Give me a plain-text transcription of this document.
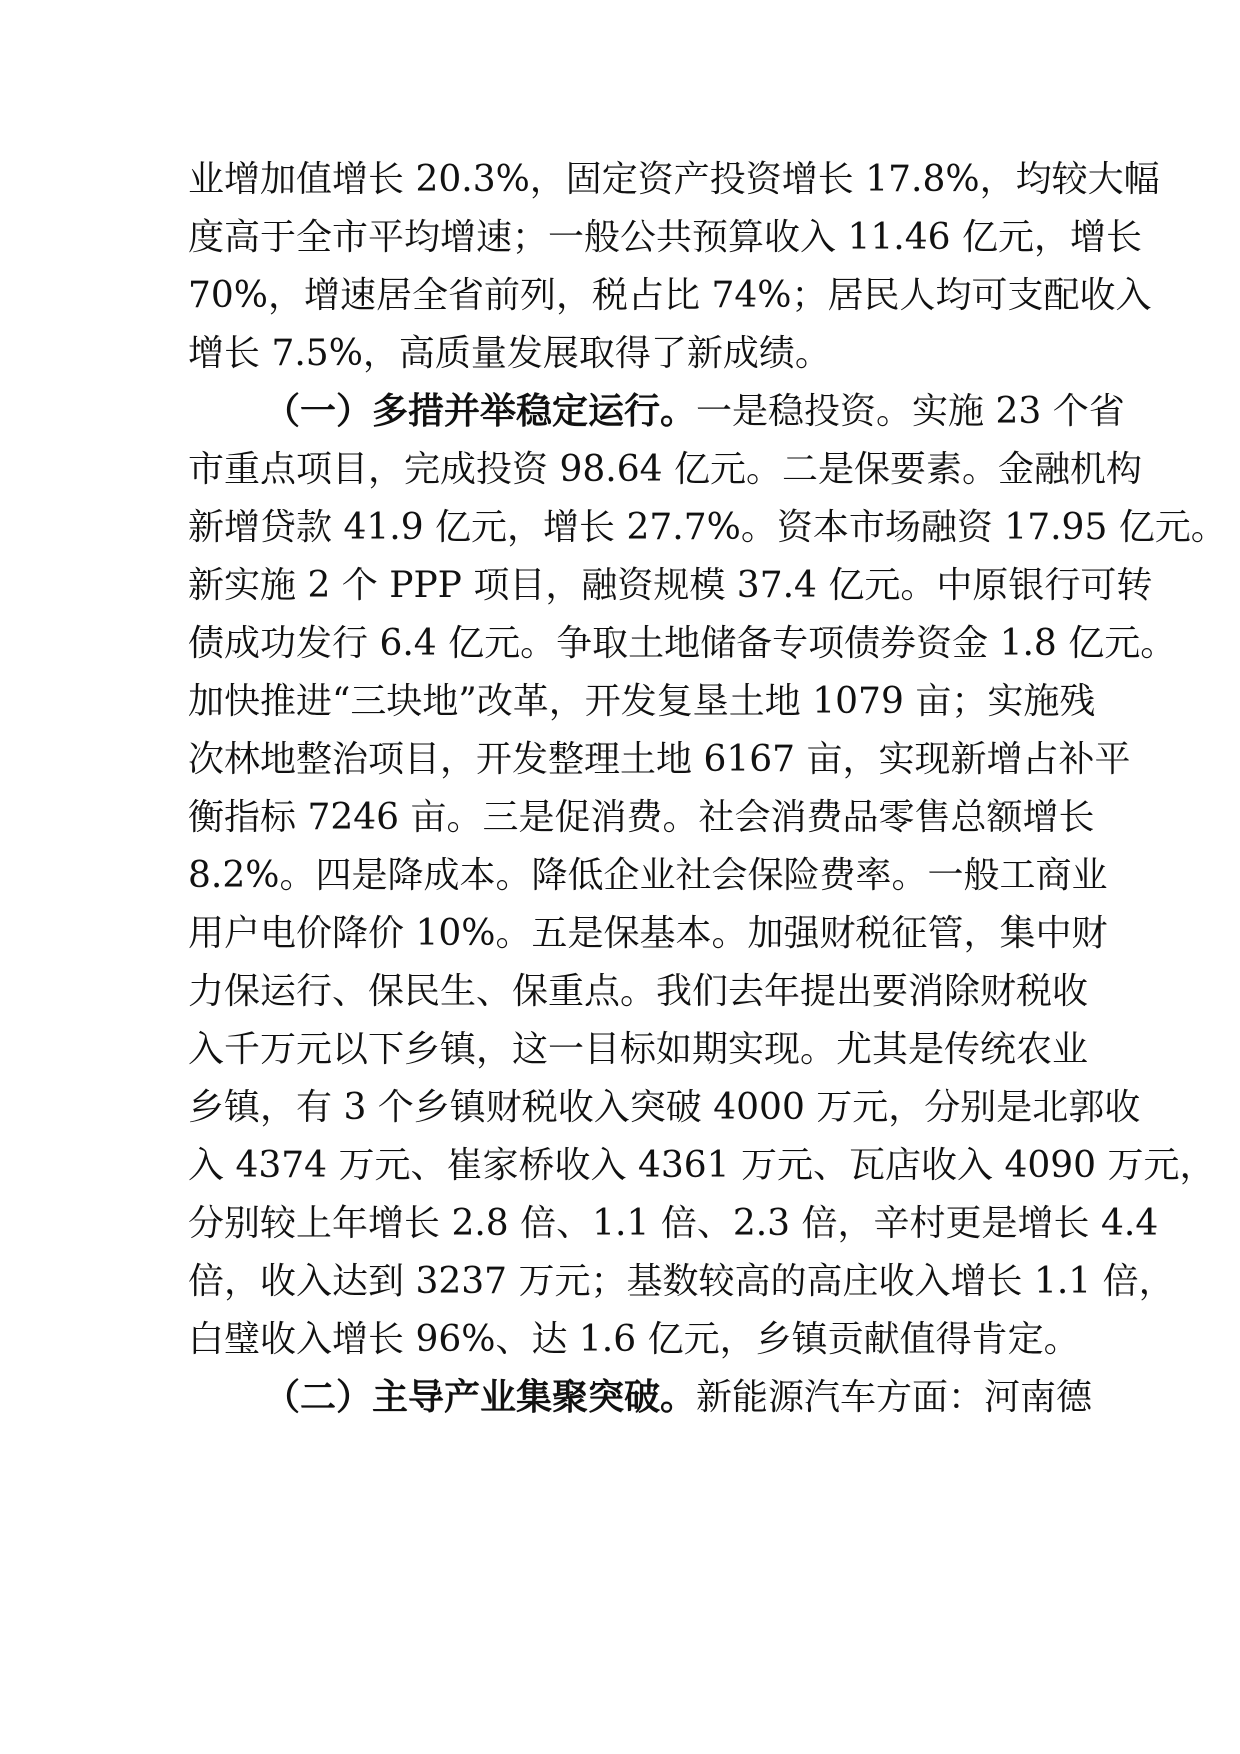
业增加值增长 20.3%，固定资产投资增长 17.8%，均较大幅
度高于全市平均增速；一般公共预算收入 11.46 亿元，增长
70%，增速居全省前列，税占比 74%；居民人均可支配收入
增长 7.5%，高质量发展取得了新成绩。
（一）多措并举稳定运行。一是稳投资。实施 23 个省
市重点项目，完成投资 98.64 亿元。二是保要素。金融机构
新增贷款 41.9 亿元，增长 27.7%。资本市场融资 17.95 亿元。
新实施 2 个 PPP 项目，融资规模 37.4 亿元。中原银行可转
债成功发行 6.4 亿元。争取土地储备专项债券资金 1.8 亿元。
加快推进“三块地”改革，开发复垦土地 1079 亩；实施残
次林地整治项目，开发整理土地 6167 亩，实现新增占补平
衡指标 7246 亩。三是促消费。社会消费品零售总额增长
8.2%。四是降成本。降低企业社会保险费率。一般工商业
用户电价降价 10%。五是保基本。加强财税征管，集中财
力保运行、保民生、保重点。我们去年提出要消除财税收
入千万元以下乡镇，这一目标如期实现。尤其是传统农业
乡镇，有 3 个乡镇财税收入突破 4000 万元，分别是北郭收
入 4374 万元、崔家桥收入 4361 万元、瓦店收入 4090 万元，
分别较上年增长 2.8 倍、1.1 倍、2.3 倍，辛村更是增长 4.4
倍，收入达到 3237 万元；基数较高的高庄收入增长 1.1 倍，
白璧收入增长 96%、达 1.6 亿元，乡镇贡献值得肯定。
（二）主导产业集聚突破。新能源汽车方面：河南德
